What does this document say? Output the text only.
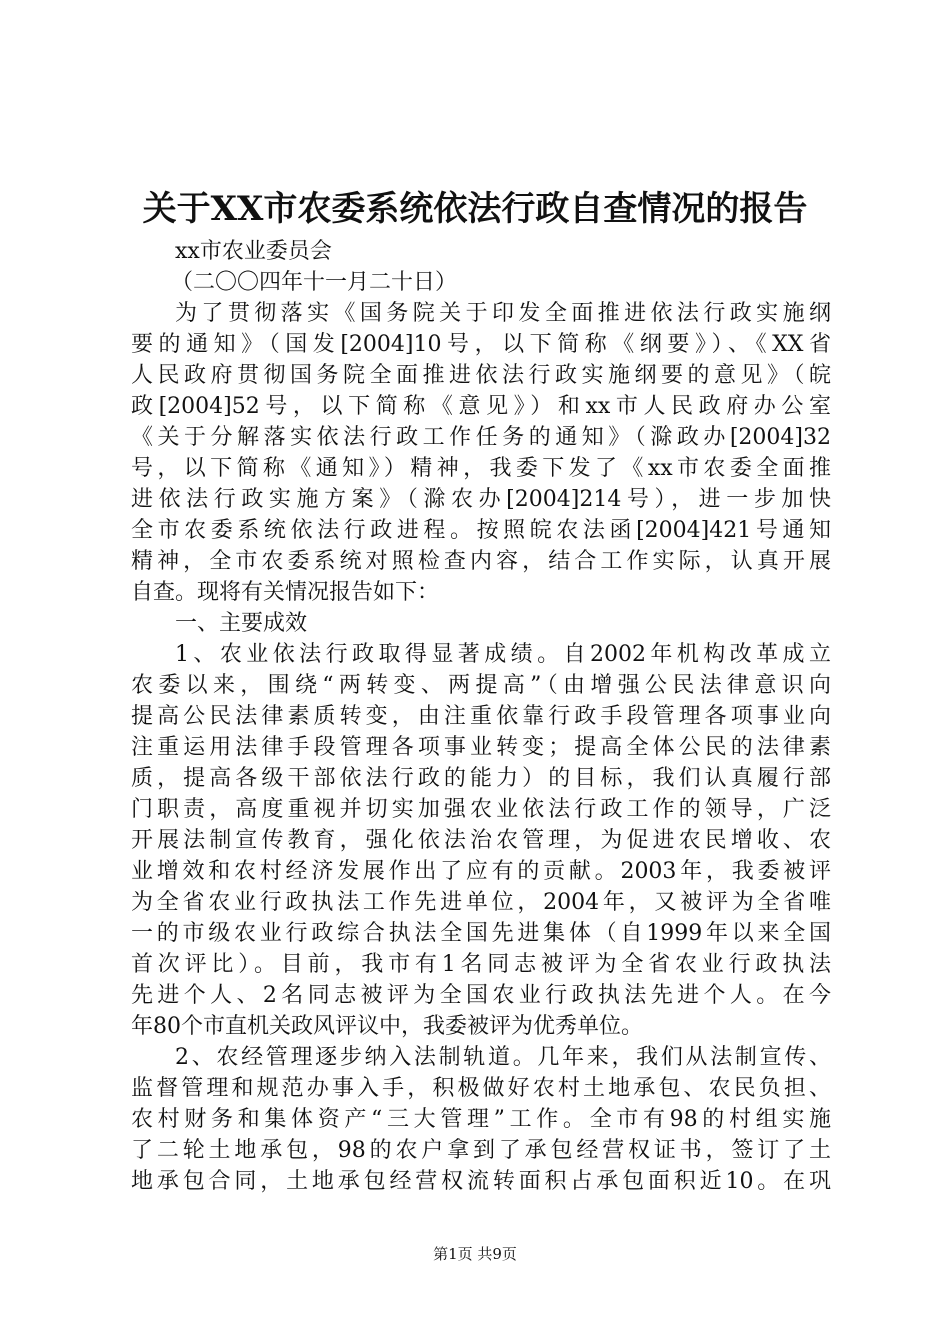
关于XX市农委系统依法行政自查情况的报告
xx市农业委员会
（二〇〇四年十一月二十日）
为了贯彻落实《国务院关于印发全面推进依法行政实施纲
要的通知》（国发[2004]10号，以下简称《纲要》）、《XX省
人民政府贯彻国务院全面推进依法行政实施纲要的意见》（皖
政[2004]52号，以下简称《意见》）和xx市人民政府办公室
《关于分解落实依法行政工作任务的通知》（滁政办[2004]32
号，以下简称《通知》）精神，我委下发了《xx市农委全面推
进依法行政实施方案》（滁农办[2004]214号），进一步加快
全市农委系统依法行政进程。按照皖农法函[2004]421号通知
精神，全市农委系统对照检查内容，结合工作实际，认真开展
自查。现将有关情况报告如下：
一、主要成效
1、农业依法行政取得显著成绩。自2002年机构改革成立
农委以来，围绕“两转变、两提高”（由增强公民法律意识向
提高公民法律素质转变，由注重依靠行政手段管理各项事业向
注重运用法律手段管理各项事业转变；提高全体公民的法律素
质，提高各级干部依法行政的能力）的目标，我们认真履行部
门职责，高度重视并切实加强农业依法行政工作的领导，广泛
开展法制宣传教育，强化依法治农管理，为促进农民增收、农
业增效和农村经济发展作出了应有的贡献。2003年，我委被评
为全省农业行政执法工作先进单位，2004年，又被评为全省唯
一的市级农业行政综合执法全国先进集体（自1999年以来全国
首次评比）。目前，我市有1名同志被评为全省农业行政执法
先进个人、2名同志被评为全国农业行政执法先进个人。在今
年80个市直机关政风评议中，我委被评为优秀单位。
2、农经管理逐步纳入法制轨道。几年来，我们从法制宣传、
监督管理和规范办事入手，积极做好农村土地承包、农民负担、
农村财务和集体资产“三大管理”工作。全市有98的村组实施
了二轮土地承包，98的农户拿到了承包经营权证书，签订了土
地承包合同，土地承包经营权流转面积占承包面积近10。在巩
第1页 共9页
